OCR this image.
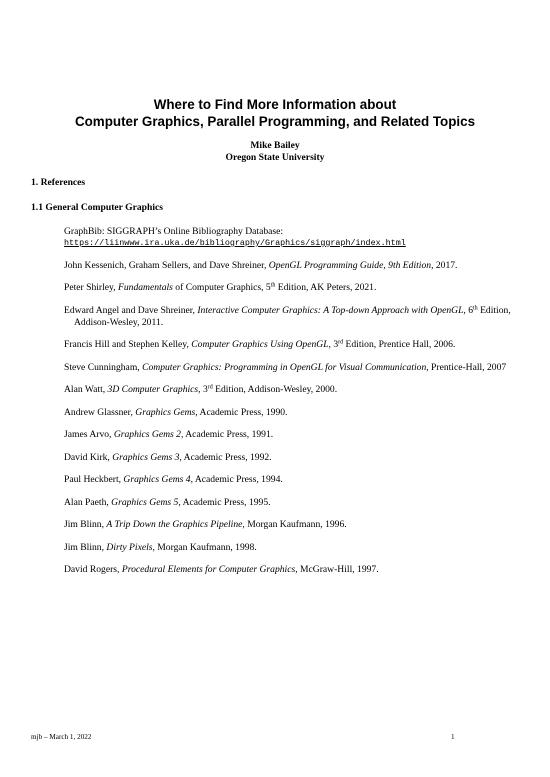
Where to Find More Information about
Computer Graphics, Parallel Programming, and Related Topics
Mike Bailey
Oregon State University
1. References
1.1 General Computer Graphics
GraphBib: SIGGRAPH’s Online Bibliography Database:
https://liinwww.ira.uka.de/bibliography/Graphics/siggraph/index.html
John Kessenich, Graham Sellers, and Dave Shreiner, OpenGL Programming Guide, 9th Edition, 2017.
Peter Shirley, Fundamentals of Computer Graphics, 5th Edition, AK Peters, 2021.
Edward Angel and Dave Shreiner, Interactive Computer Graphics: A Top-down Approach with OpenGL, 6th Edition, Addison-Wesley, 2011.
Francis Hill and Stephen Kelley, Computer Graphics Using OpenGL, 3rd Edition, Prentice Hall, 2006.
Steve Cunningham, Computer Graphics: Programming in OpenGL for Visual Communication, Prentice-Hall, 2007
Alan Watt, 3D Computer Graphics, 3rd Edition, Addison-Wesley, 2000.
Andrew Glassner, Graphics Gems, Academic Press, 1990.
James Arvo, Graphics Gems 2, Academic Press, 1991.
David Kirk, Graphics Gems 3, Academic Press, 1992.
Paul Heckbert, Graphics Gems 4, Academic Press, 1994.
Alan Paeth, Graphics Gems 5, Academic Press, 1995.
Jim Blinn, A Trip Down the Graphics Pipeline, Morgan Kaufmann, 1996.
Jim Blinn, Dirty Pixels, Morgan Kaufmann, 1998.
David Rogers, Procedural Elements for Computer Graphics, McGraw-Hill, 1997.
mjb – March 1, 2022	1
